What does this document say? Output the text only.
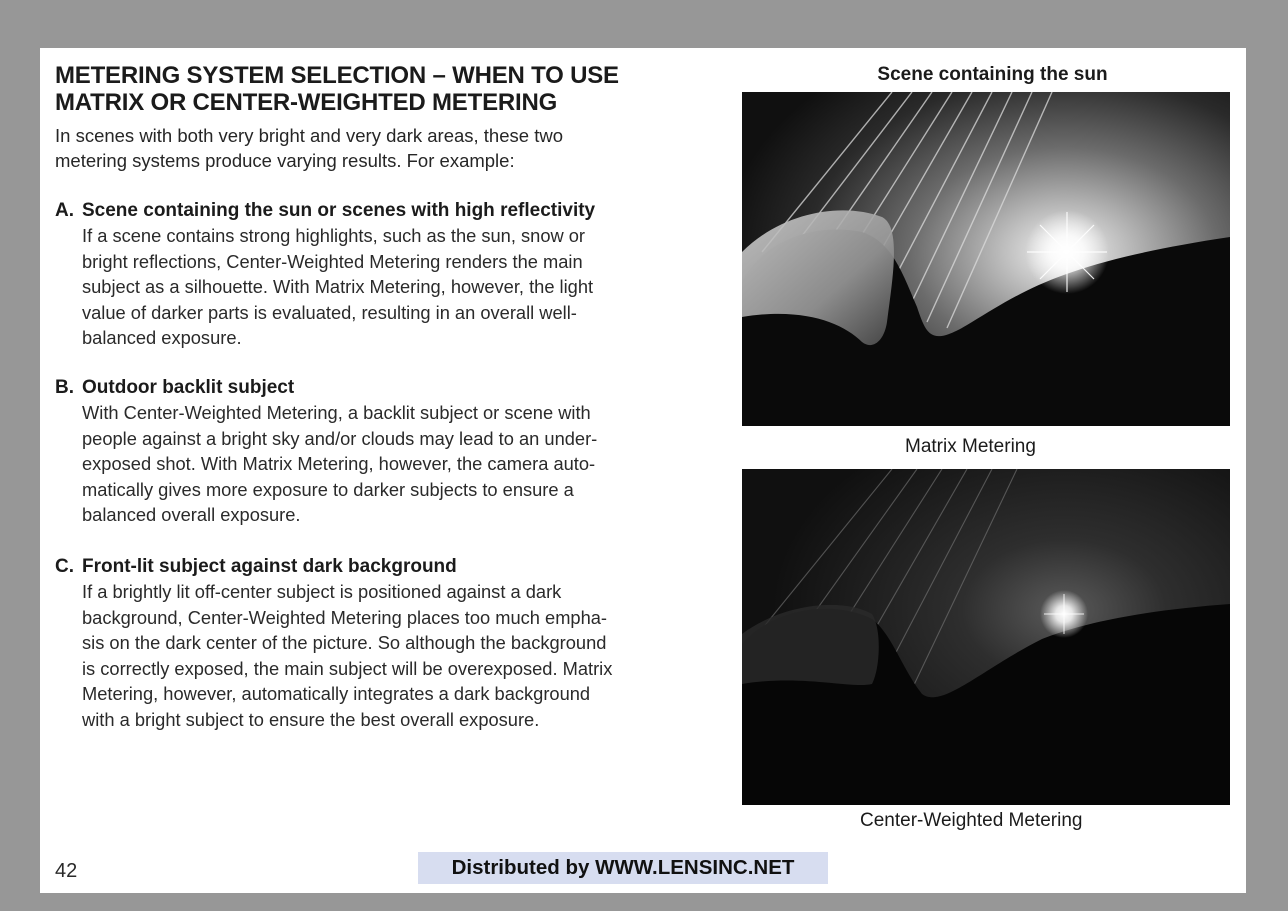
METERING SYSTEM SELECTION – WHEN TO USE
MATRIX OR CENTER-WEIGHTED METERING
In scenes with both very bright and very dark areas, these two
metering systems produce varying results. For example:
A. Scene containing the sun or scenes with high reflectivity
If a scene contains strong highlights, such as the sun, snow or
bright reflections, Center-Weighted Metering renders the main
subject as a silhouette. With Matrix Metering, however, the light
value of darker parts is evaluated, resulting in an overall well-
balanced exposure.
B. Outdoor backlit subject
With Center-Weighted Metering, a backlit subject or scene with
people against a bright sky and/or clouds may lead to an under-
exposed shot. With Matrix Metering, however, the camera auto-
matically gives more exposure to darker subjects to ensure a
balanced overall exposure.
C. Front-lit subject against dark background
If a brightly lit off-center subject is positioned against a dark
background, Center-Weighted Metering places too much empha-
sis on the dark center of the picture. So although the background
is correctly exposed, the main subject will be overexposed. Matrix
Metering, however, automatically integrates a dark background
with a bright subject to ensure the best overall exposure.
Scene containing the sun
Matrix Metering
Center-Weighted Metering
42	Distributed by WWW.LENSINC.NET
